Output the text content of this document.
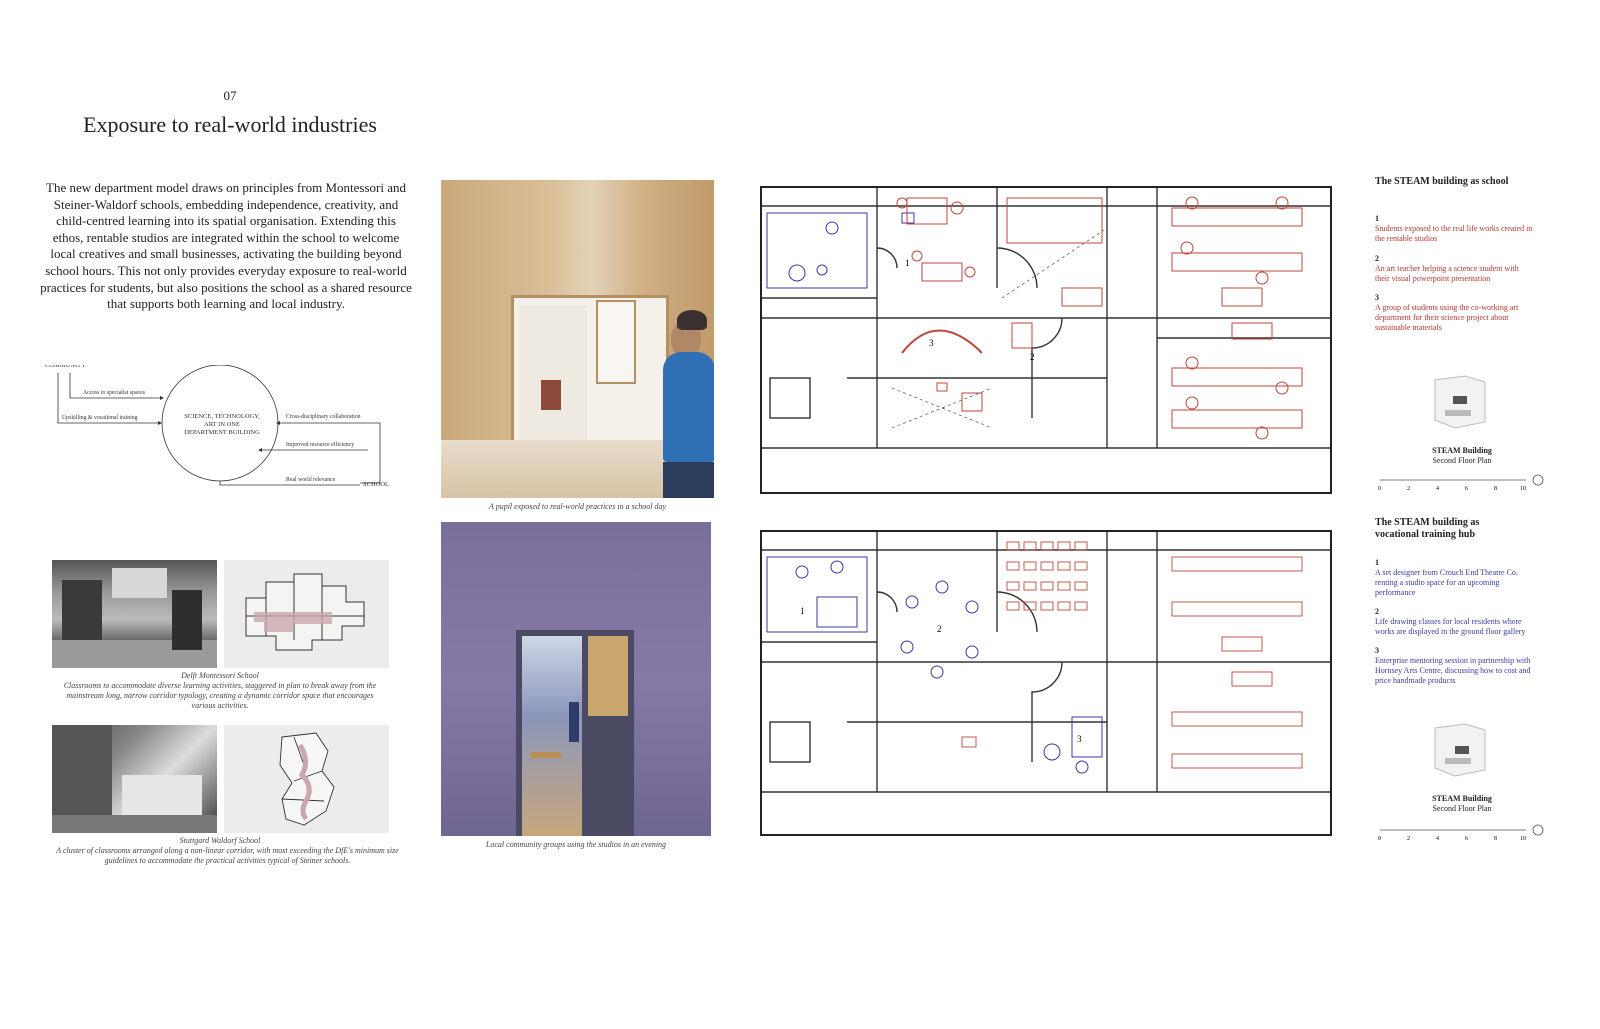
07
Exposure to real-world industries
The new department model draws on principles from Montessori and Steiner-Waldorf schools, embedding independence, creativity, and child-centred learning into its spatial organisation. Extending this ethos, rentable studios are integrated within the school to welcome local creatives and small businesses, activating the building beyond school hours. This not only provides everyday exposure to real-world practices for students, but also positions the school as a shared resource that supports both learning and local industry.
COMMUNITY
SCHOOL
SCIENCE, TECHNOLOGY,
ART IN ONE
DEPARTMENT BUILDING
Access to specialist spaces
Upskilling & vocational training	Cross-disciplinary collaboration
Improved resource efficiency
Real world relevance
Delft Montessori School
Classrooms to accommodate diverse learning activities, staggered in plan to break away from the mainstream long, narrow corridor typology, creating a dynamic corridor space that encourages various activities.
Stuttgard Waldorf School
A cluster of classrooms arranged along a non-linear corridor, with most exceeding the DfE's minimum size guidelines to accommodate the practical activities typical of Steiner schools.
A pupil exposed to real-world practices in a school day
Local community groups using the studios in an evening
1
2
3
1
2
3
The STEAM building as school
1
Students exposed to the real life works created in the rentable studios
2
An art teacher helping a science student with their visual powerpoint presentation
3
A group of students using the co-working art department for their science project about sustainable materials
STEAM Building
Second Floor Plan
0	2	4	6	8	10
The STEAM building as vocational training hub
1
A set designer from Crouch End Theatre Co. renting a studio space for an upcoming performance
2
Life drawing classes for local residents where works are displayed in the ground floor gallery
3
Enterprise mentoring session in partnership with Hornsey Arts Centre, discussing how to cost and price handmade products
STEAM Building
Second Floor Plan
0	2	4	6	8	10
